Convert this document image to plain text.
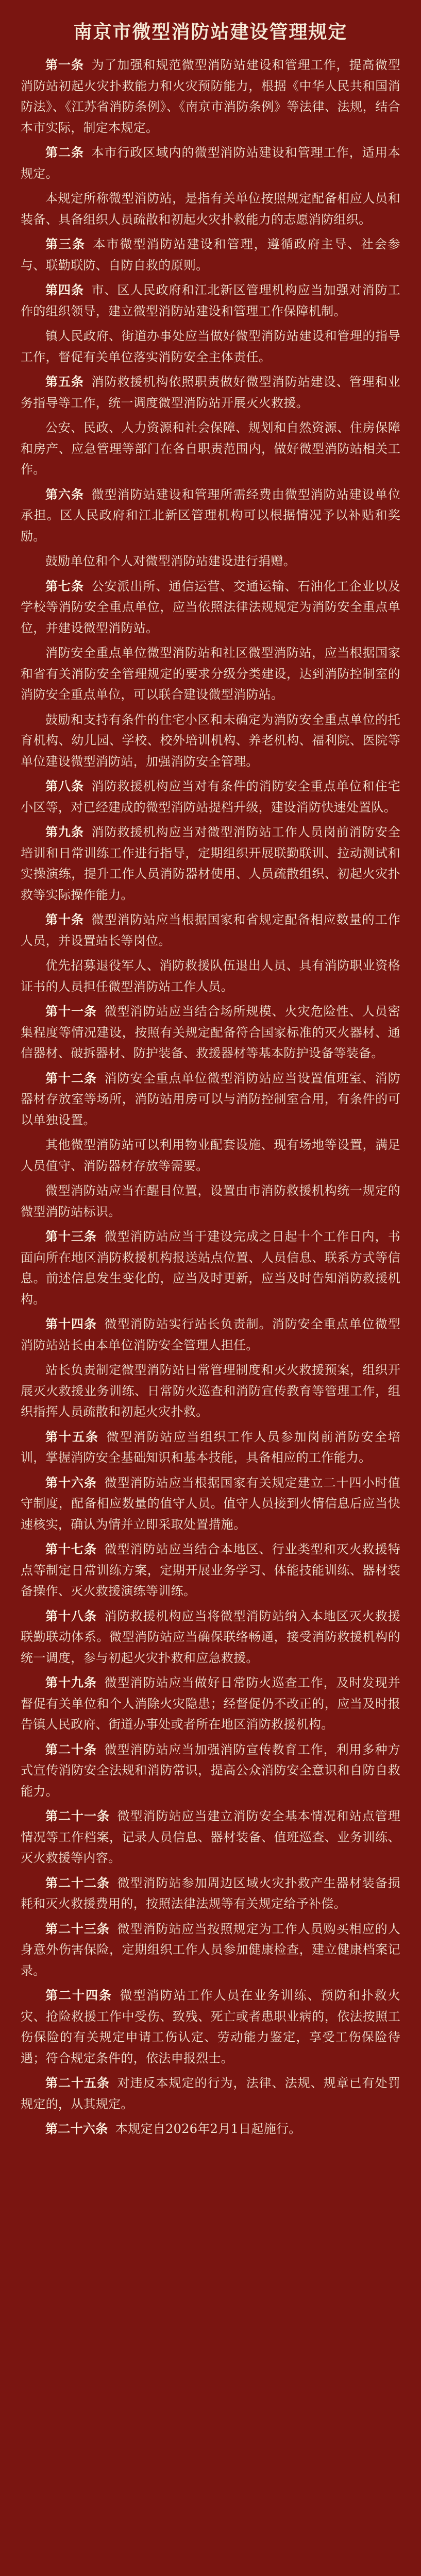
南京市微型消防站建设管理规定

第一条 为了加强和规范微型消防站建设和管理工作，提高微型消防站初起火灾扑救能力和火灾预防能力，根据《中华人民共和国消防法》、《江苏省消防条例》、《南京市消防条例》等法律、法规，结合本市实际，制定本规定。

第二条 本市行政区域内的微型消防站建设和管理工作，适用本规定。

本规定所称微型消防站，是指有关单位按照规定配备相应人员和装备、具备组织人员疏散和初起火灾扑救能力的志愿消防组织。

第三条 本市微型消防站建设和管理，遵循政府主导、社会参与、联勤联防、自防自救的原则。

第四条 市、区人民政府和江北新区管理机构应当加强对消防工作的组织领导，建立微型消防站建设和管理工作保障机制。

镇人民政府、街道办事处应当做好微型消防站建设和管理的指导工作，督促有关单位落实消防安全主体责任。

第五条 消防救援机构依照职责做好微型消防站建设、管理和业务指导等工作，统一调度微型消防站开展灭火救援。

公安、民政、人力资源和社会保障、规划和自然资源、住房保障和房产、应急管理等部门在各自职责范围内，做好微型消防站相关工作。

第六条 微型消防站建设和管理所需经费由微型消防站建设单位承担。区人民政府和江北新区管理机构可以根据情况予以补贴和奖励。

鼓励单位和个人对微型消防站建设进行捐赠。

第七条 公安派出所、通信运营、交通运输、石油化工企业以及学校等消防安全重点单位，应当依照法律法规规定为消防安全重点单位，并建设微型消防站。

消防安全重点单位微型消防站和社区微型消防站，应当根据国家和省有关消防安全管理规定的要求分级分类建设，达到消防控制室的消防安全重点单位，可以联合建设微型消防站。

鼓励和支持有条件的住宅小区和未确定为消防安全重点单位的托育机构、幼儿园、学校、校外培训机构、养老机构、福利院、医院等单位建设微型消防站，加强消防安全管理。

第八条 消防救援机构应当对有条件的消防安全重点单位和住宅小区等，对已经建成的微型消防站提档升级，建设消防快速处置队。

第九条 消防救援机构应当对微型消防站工作人员岗前消防安全培训和日常训练工作进行指导，定期组织开展联勤联训、拉动测试和实操演练，提升工作人员消防器材使用、人员疏散组织、初起火灾扑救等实际操作能力。

第十条 微型消防站应当根据国家和省规定配备相应数量的工作人员，并设置站长等岗位。

优先招募退役军人、消防救援队伍退出人员、具有消防职业资格证书的人员担任微型消防站工作人员。

第十一条 微型消防站应当结合场所规模、火灾危险性、人员密集程度等情况建设，按照有关规定配备符合国家标准的灭火器材、通信器材、破拆器材、防护装备、救援器材等基本防护设备等装备。

第十二条 消防安全重点单位微型消防站应当设置值班室、消防器材存放室等场所，消防站用房可以与消防控制室合用，有条件的可以单独设置。

其他微型消防站可以利用物业配套设施、现有场地等设置，满足人员值守、消防器材存放等需要。

微型消防站应当在醒目位置，设置由市消防救援机构统一规定的微型消防站标识。

第十三条 微型消防站应当于建设完成之日起十个工作日内，书面向所在地区消防救援机构报送站点位置、人员信息、联系方式等信息。前述信息发生变化的，应当及时更新，应当及时告知消防救援机构。

第十四条 微型消防站实行站长负责制。消防安全重点单位微型消防站站长由本单位消防安全管理人担任。

站长负责制定微型消防站日常管理制度和灭火救援预案，组织开展灭火救援业务训练、日常防火巡查和消防宣传教育等管理工作，组织指挥人员疏散和初起火灾扑救。

第十五条 微型消防站应当组织工作人员参加岗前消防安全培训，掌握消防安全基础知识和基本技能，具备相应的工作能力。

第十六条 微型消防站应当根据国家有关规定建立二十四小时值守制度，配备相应数量的值守人员。值守人员接到火情信息后应当快速核实，确认为情并立即采取处置措施。

第十七条 微型消防站应当结合本地区、行业类型和灭火救援特点等制定日常训练方案，定期开展业务学习、体能技能训练、器材装备操作、灭火救援演练等训练。

第十八条 消防救援机构应当将微型消防站纳入本地区灭火救援联勤联动体系。微型消防站应当确保联络畅通，接受消防救援机构的统一调度，参与初起火灾扑救和应急救援。

第十九条 微型消防站应当做好日常防火巡查工作，及时发现并督促有关单位和个人消除火灾隐患；经督促仍不改正的，应当及时报告镇人民政府、街道办事处或者所在地区消防救援机构。

第二十条 微型消防站应当加强消防宣传教育工作，利用多种方式宣传消防安全法规和消防常识，提高公众消防安全意识和自防自救能力。

第二十一条 微型消防站应当建立消防安全基本情况和站点管理情况等工作档案，记录人员信息、器材装备、值班巡查、业务训练、灭火救援等内容。

第二十二条 微型消防站参加周边区域火灾扑救产生器材装备损耗和灭火救援费用的，按照法律法规等有关规定给予补偿。

第二十三条 微型消防站应当按照规定为工作人员购买相应的人身意外伤害保险，定期组织工作人员参加健康检查，建立健康档案记录。

第二十四条 微型消防站工作人员在业务训练、预防和扑救火灾、抢险救援工作中受伤、致残、死亡或者患职业病的，依法按照工伤保险的有关规定申请工伤认定、劳动能力鉴定，享受工伤保险待遇；符合规定条件的，依法申报烈士。

第二十五条 对违反本规定的行为，法律、法规、规章已有处罚规定的，从其规定。

第二十六条 本规定自2026年2月1日起施行。
